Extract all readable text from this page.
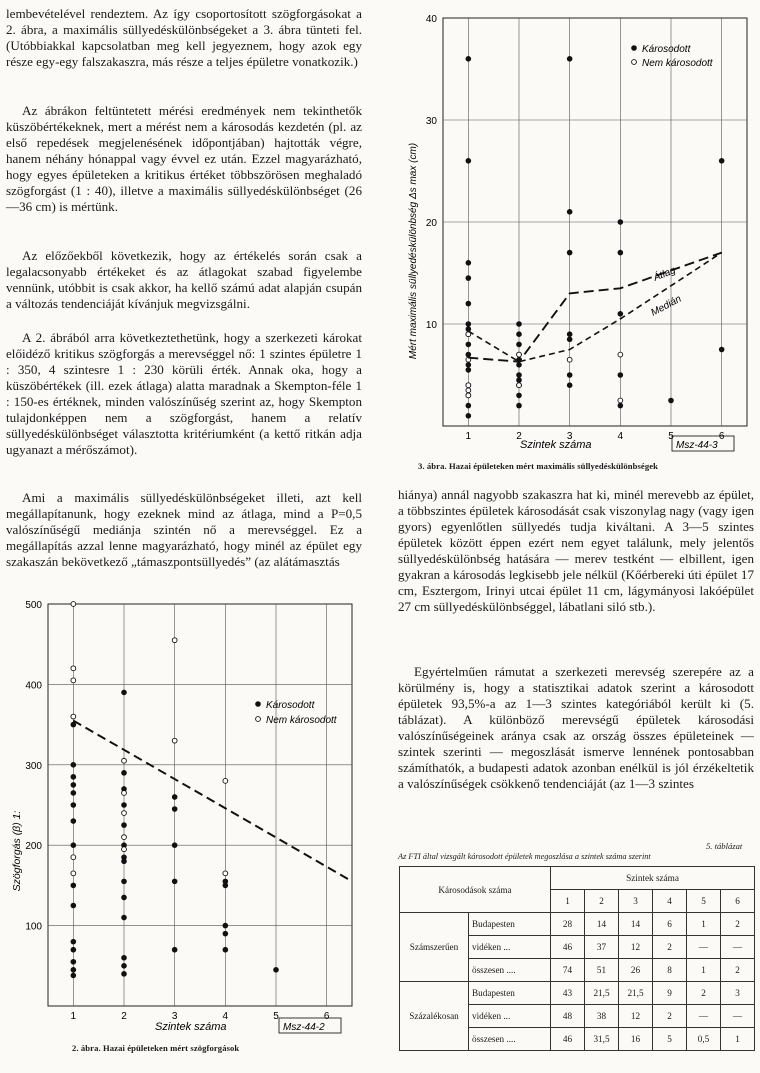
lembevételével rendeztem. Az így csoportosított szögforgásokat a 2. ábra, a maximális süllyedéskülönbségeket a 3. ábra tünteti fel. (Utóbbiakkal kapcsolatban meg kell jegyeznem, hogy azok egy része egy-egy falszakaszra, más része a teljes épületre vonatkozik.)

Az ábrákon feltüntetett mérési eredmények nem tekinthetők küszöbértékeknek, mert a mérést nem a károsodás kezdetén (pl. az első repedések megjelenésének időpontjában) hajtották végre, hanem néhány hónappal vagy évvel ez után. Ezzel magyarázható, hogy egyes épületeken a kritikus értéket többszörösen meghaladó szögforgást (1 : 40), illetve a maximális süllyedéskülönbséget (26—36 cm) is mértünk.

Az előzőekből következik, hogy az értékelés során csak a legalacsonyabb értékeket és az átlagokat szabad figyelembe vennünk, utóbbit is csak akkor, ha kellő számú adat alapján csupán a változás tendenciáját kívánjuk megvizsgálni.

A 2. ábrából arra következtethetünk, hogy a szerkezeti károkat előidéző kritikus szögforgás a merevséggel nő: 1 szintes épületre 1 : 350, 4 szintesre 1 : 230 körüli érték. Annak oka, hogy a küszöbértékek (ill. ezek átlaga) alatta maradnak a Skempton-féle 1 : 150-es értéknek, minden valószínűség szerint az, hogy Skempton tulajdonképpen nem a szögforgást, hanem a relatív süllyedéskülönbséget választotta kritériumként (a kettő ritkán adja ugyanazt a mérőszámot).

Ami a maximális süllyedéskülönbségeket illeti, azt kell megállapítanunk, hogy ezeknek mind az átlaga, mind a P=0,5 valószínűségű mediánja szintén nő a merevséggel. Ez a megállapítás azzal lenne magyarázható, hogy minél az épület egy szakaszán bekövetkező „támaszpontsüllyedés” (az alátámasztás

500
400
300
200
100
1	2	3	4	5	6
Szögforgás (β) 1:
Szintek száma	Msz-44-2
Károsodott
Nem károsodott
2. ábra. Hazai épületeken mért szögforgások
40
30
20
10
1	2	3	4	5	6
Mért maximális süllyedéskülönbség Δs max (cm)
Szintek száma	Msz-44-3
Károsodott
Nem károsodott
Átlag
Medián
3. ábra. Hazai épületeken mért maximális süllyedéskülönbségek

hiánya) annál nagyobb szakaszra hat ki, minél merevebb az épület, a többszintes épületek károsodását csak viszonylag nagy (vagy igen gyors) egyenlőtlen süllyedés tudja kiváltani. A 3—5 szintes épületek között éppen ezért nem egyet találunk, mely jelentős süllyedéskülönbség hatására — merev testként — elbillent, igen gyakran a károsodás legkisebb jele nélkül (Kőérbereki úti épület 17 cm, Esztergom, Irinyi utcai épület 11 cm, lágymányosi lakóépület 27 cm süllyedéskülönbséggel, lábatlani siló stb.).

Egyértelműen rámutat a szerkezeti merevség szerepére az a körülmény is, hogy a statisztikai adatok szerint a károsodott épületek 93,5%-a az 1—3 szintes kategóriából került ki (5. táblázat). A különböző merevségű épületek károsodási valószínűségeinek aránya csak az ország összes épületeinek — szintek szerinti — megoszlását ismerve lennének pontosabban számíthatók, a budapesti adatok azonban enélkül is jól érzékeltetik a valószínűségek csökkenő tendenciáját (az 1—3 szintes

5. táblázat
Az FTI által vizsgált károsodott épületek megoszlása a szintek száma szerint
Károsodások száma		Szintek száma					
		1	2	3	4	5	6
Számszerűen	Budapesten	28	14	14	6	1	2
	vidéken ...	46	37	12	2	—	—
	összesen ....	74	51	26	8	1	2
Százalékosan	Budapesten	43	21,5	21,5	9	2	3
	vidéken ...	48	38	12	2	—	—
	összesen ....	46	31,5	16	5	0,5	1
